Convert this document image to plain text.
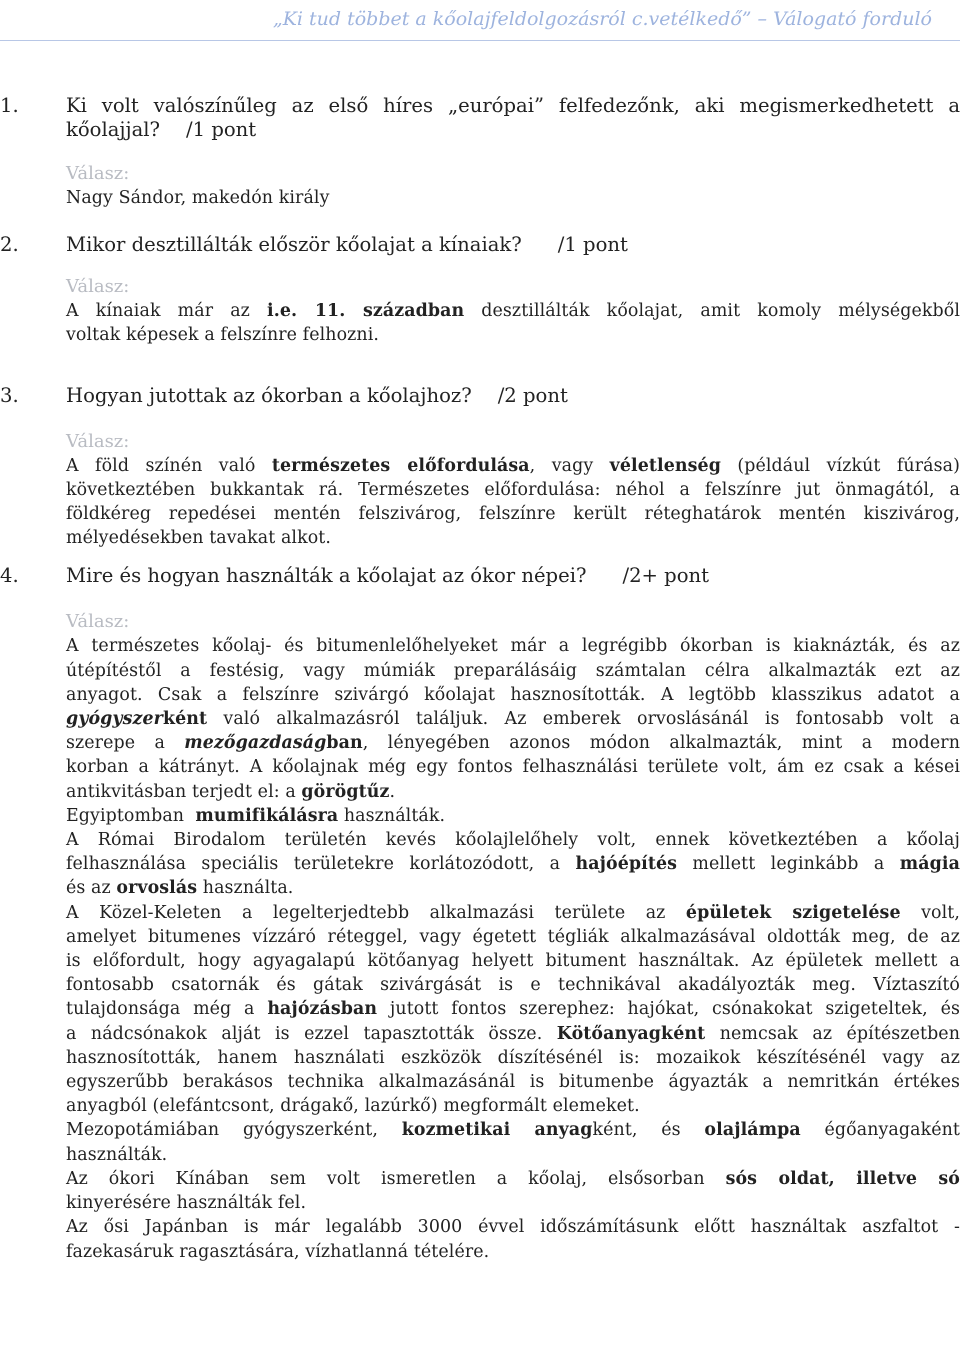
„Ki tud többet a kőolajfeldolgozásról c.vetélkedő” – Válogató forduló
1. Ki volt valószínűleg az első híres „európai” felfedezőnk, aki megismerkedhetett a
kőolajjal? /1 pont

Válasz:

Nagy Sándor, makedón király

2. Mikor desztillálták először kőolajat a kínaiak? /1 pont

Válasz:

A kínaiak már az i.e. 11. században desztillálták kőolajat, amit komoly mélységekből
voltak képesek a felszínre felhozni.
3. Hogyan jutottak az ókorban a kőolajhoz? /2 pont

Válasz:

A föld színén való természetes előfordulása, vagy véletlenség (például vízkút fúrása)
következtében bukkantak rá. Természetes előfordulása: néhol a felszínre jut önmagától, a
földkéreg repedései mentén felszivárog, felszínre került réteghatárok mentén kiszivárog,
mélyedésekben tavakat alkot.
4. Mire és hogyan használták a kőolajat az ókor népei? /2+ pont

Válasz:

A természetes kőolaj- és bitumenlelőhelyeket már a legrégibb ókorban is kiaknázták, és az
útépítéstől a festésig, vagy múmiák preparálásáig számtalan célra alkalmazták ezt az
anyagot. Csak a felszínre szivárgó kőolajat hasznosították. A legtöbb klasszikus adatot a
gyógyszerként való alkalmazásról találjuk. Az emberek orvoslásánál is fontosabb volt a
szerepe a mezőgazdaságban, lényegében azonos módon alkalmazták, mint a modern
korban a kátrányt. A kőolajnak még egy fontos felhasználási területe volt, ám ez csak a kései
antikvitásban terjedt el: a görögtűz.
Egyiptomban  mumifikálásra használták.
A Római Birodalom területén kevés kőolajlelőhely volt, ennek következtében a kőolaj
felhasználása speciális területekre korlátozódott, a hajóépítés mellett leginkább a mágia
és az orvoslás használta.
A Közel-Keleten a legelterjedtebb alkalmazási területe az épületek szigetelése volt,
amelyet bitumenes vízzáró réteggel, vagy égetett tégliák alkalmazásával oldották meg, de az
is előfordult, hogy agyagalapú kötőanyag helyett bitument használtak. Az épületek mellett a
fontosabb csatornák és gátak szivárgását is e technikával akadályozták meg. Víztaszító
tulajdonsága még a hajózásban jutott fontos szerephez: hajókat, csónakokat szigeteltek, és
a nádcsónakok alját is ezzel tapasztották össze. Kötőanyagként nemcsak az építészetben
hasznosították, hanem használati eszközök díszítésénél is: mozaikok készítésénél vagy az
egyszerűbb berakásos technika alkalmazásánál is bitumenbe ágyazták a nemritkán értékes
anyagból (elefántcsont, drágakő, lazúrkő) megformált elemeket.
Mezopotámiában gyógyszerként, kozmetikai anyagként, és olajlámpa égőanyagaként
használták.
Az ókori Kínában sem volt ismeretlen a kőolaj, elsősorban sós oldat, illetve só
kinyerésére használták fel.
Az ősi Japánban is már legalább 3000 évvel időszámításunk előtt használtak aszfaltot -
fazekasáruk ragasztására, vízhatlanná tételére.
